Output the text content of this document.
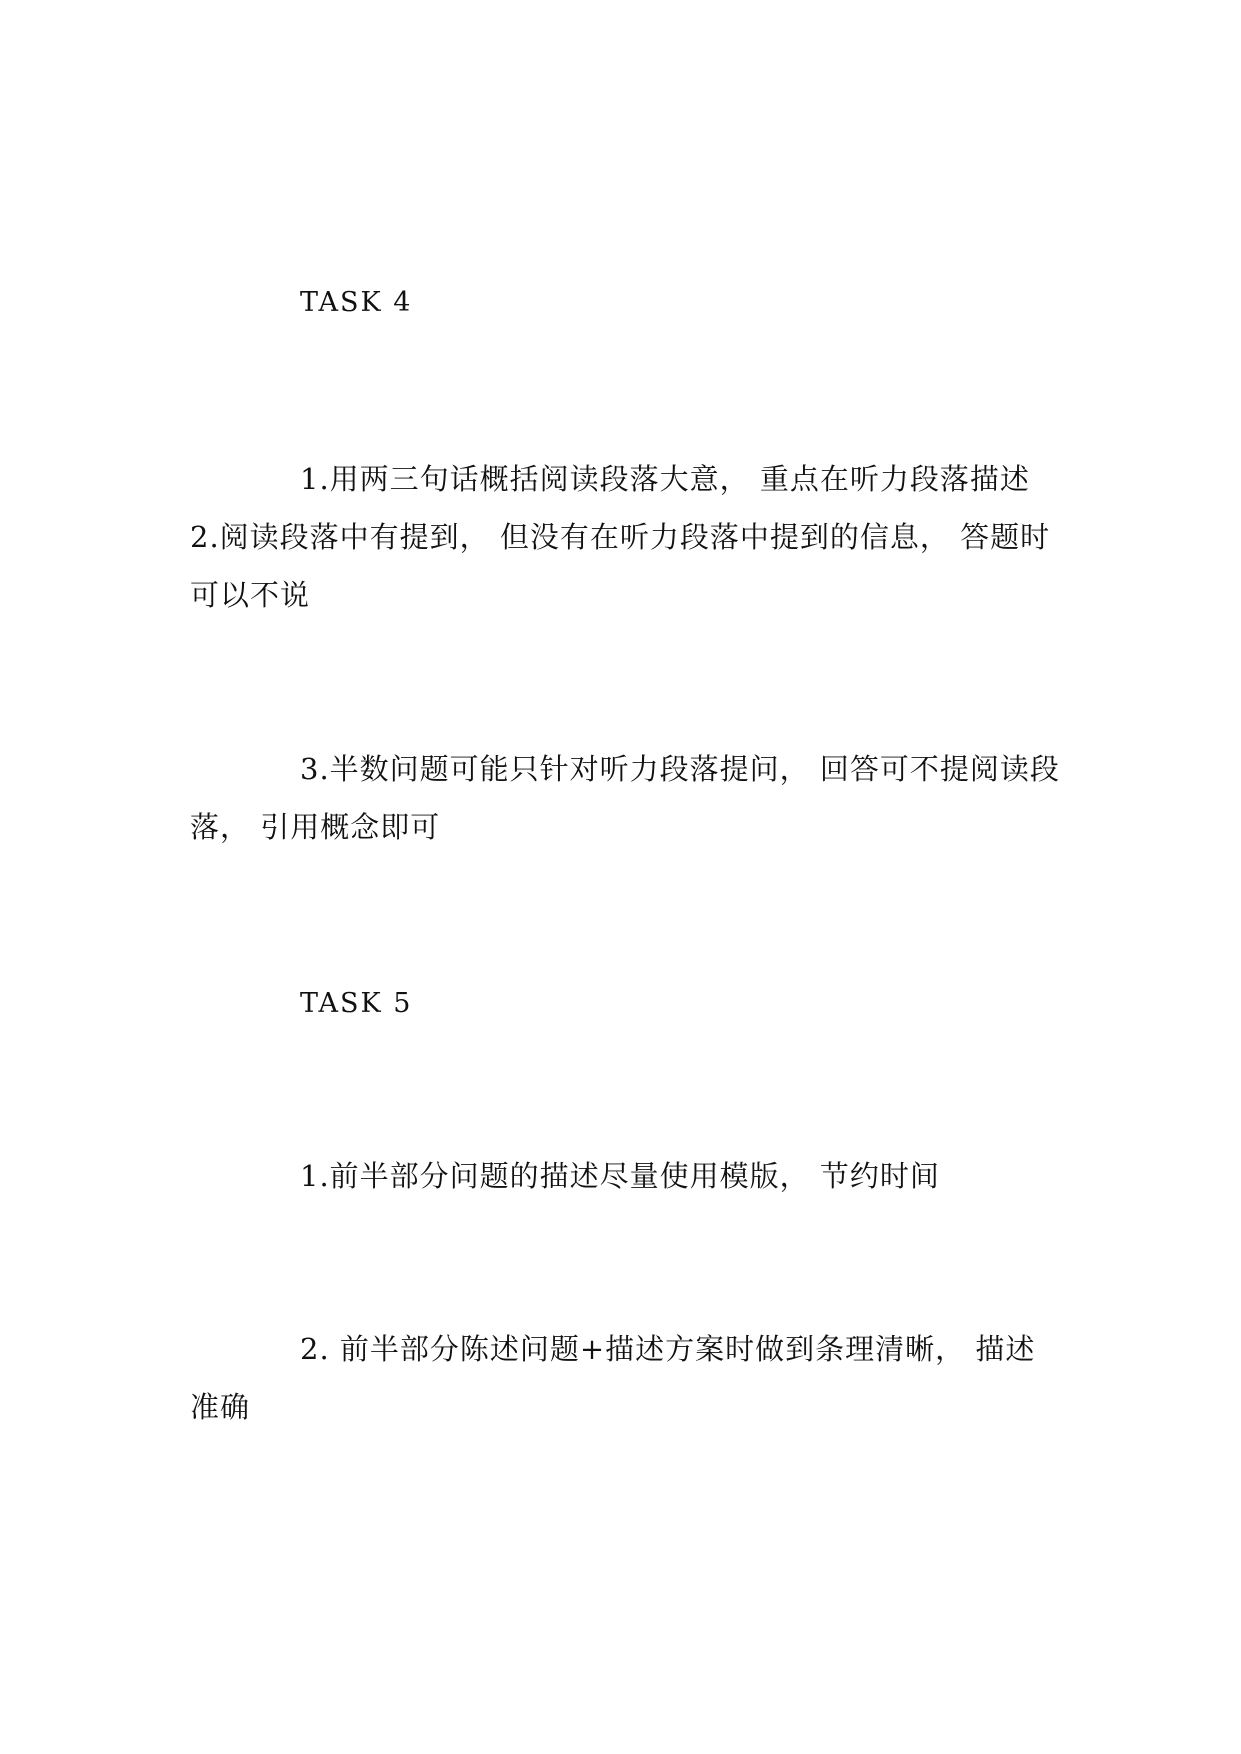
TASK 4

1.用两三句话概括阅读段落大意， 重点在听力段落描述 2.阅读段落中有提到， 但没有在听力段落中提到的信息， 答题时可以不说

3.半数问题可能只针对听力段落提问， 回答可不提阅读段落， 引用概念即可

TASK 5

1.前半部分问题的描述尽量使用模版， 节约时间

2. 前半部分陈述问题+描述方案时做到条理清晰， 描述准确
